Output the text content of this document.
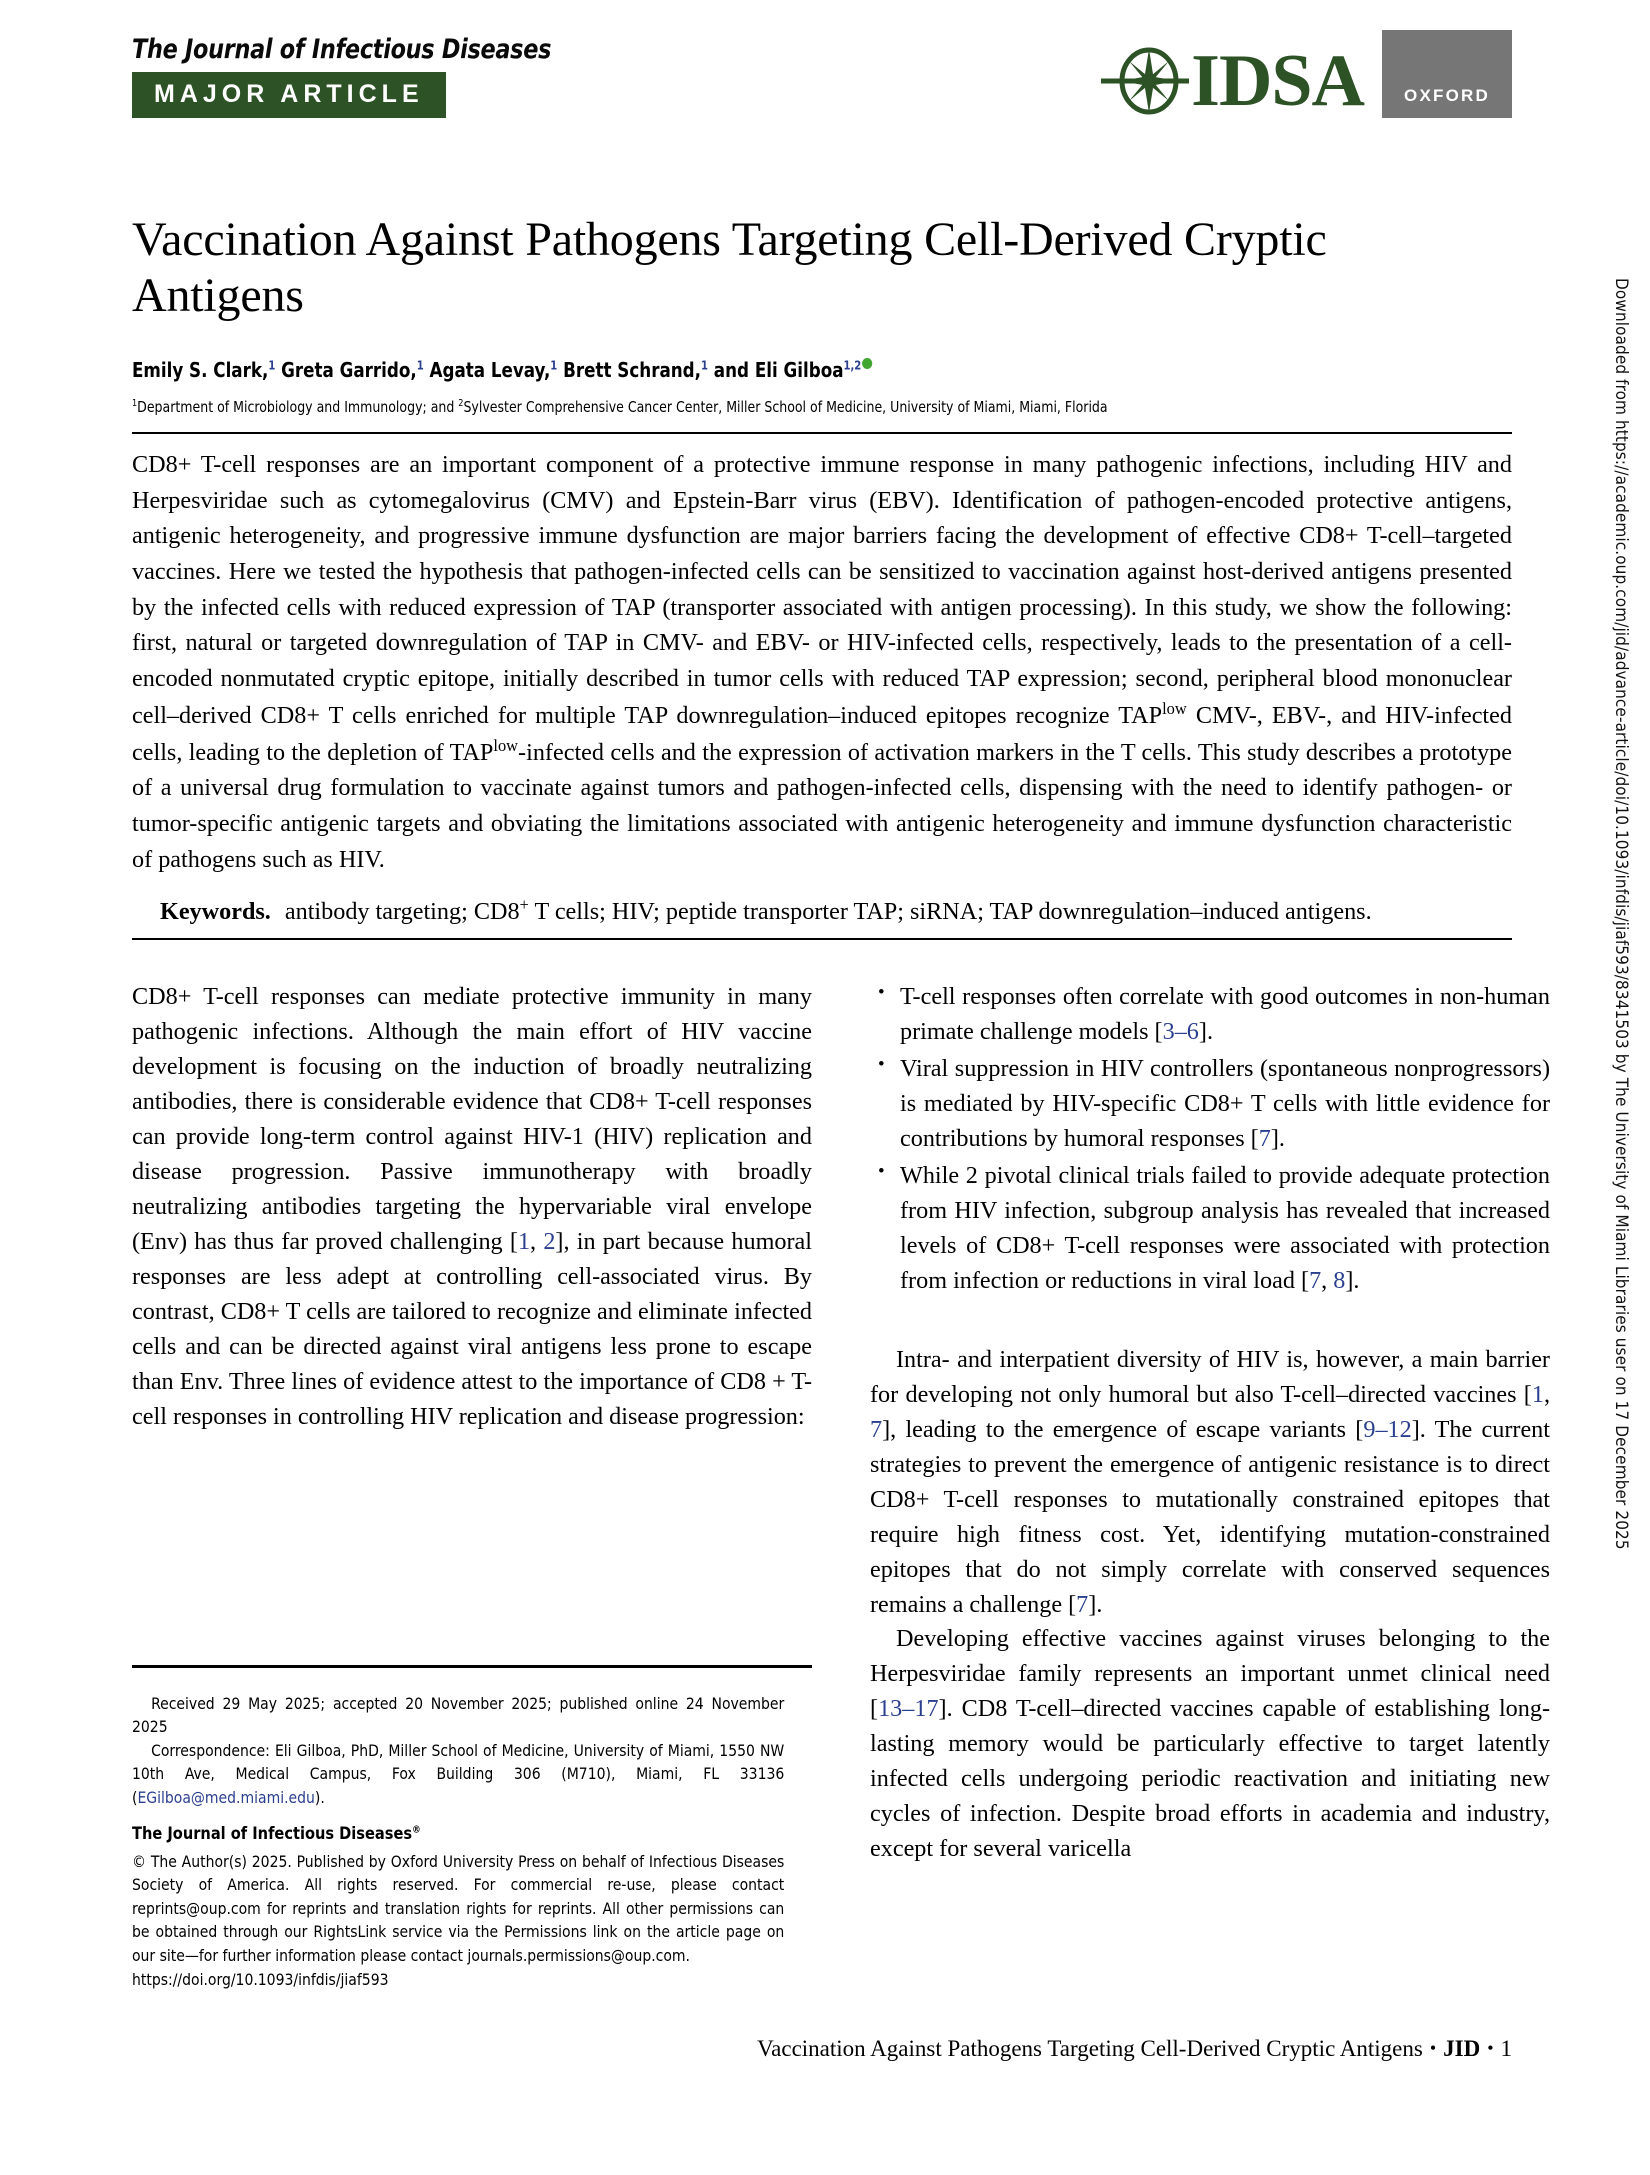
The Journal of Infectious Diseases
MAJOR ARTICLE	IDSA	OXFORD
Vaccination Against Pathogens Targeting Cell-Derived Cryptic Antigens
Emily S. Clark,$^1$ Greta Garrido,$^1$ Agata Levay,$^1$ Brett Schrand,$^1$ and Eli Gilboa$^{1,2}$
$^1$Department of Microbiology and Immunology; and $^2$Sylvester Comprehensive Cancer Center, Miller School of Medicine, University of Miami, Miami, Florida
CD8+ T-cell responses are an important component of a protective immune response in many pathogenic infections, including HIV and Herpesviridae such as cytomegalovirus (CMV) and Epstein-Barr virus (EBV). Identification of pathogen-encoded protective antigens, antigenic heterogeneity, and progressive immune dysfunction are major barriers facing the development of effective CD8+ T-cell–targeted vaccines. Here we tested the hypothesis that pathogen-infected cells can be sensitized to vaccination against host-derived antigens presented by the infected cells with reduced expression of TAP (transporter associated with antigen processing). In this study, we show the following: first, natural or targeted downregulation of TAP in CMV- and EBV- or HIV-infected cells, respectively, leads to the presentation of a cell-encoded nonmutated cryptic epitope, initially described in tumor cells with reduced TAP expression; second, peripheral blood mononuclear cell–derived CD8+ T cells enriched for multiple TAP downregulation–induced epitopes recognize $TAP^{low}$ CMV-, EBV-, and HIV-infected cells, leading to the depletion of $TAP^{low}$-infected cells and the expression of activation markers in the T cells. This study describes a prototype of a universal drug formulation to vaccinate against tumors and pathogen-infected cells, dispensing with the need to identify pathogen- or tumor-specific antigenic targets and obviating the limitations associated with antigenic heterogeneity and immune dysfunction characteristic of pathogens such as HIV.
Keywords. antibody targeting; CD8+ T cells; HIV; peptide transporter TAP; siRNA; TAP downregulation–induced antigens.

CD8+ T-cell responses can mediate protective immunity in many pathogenic infections. Although the main effort of HIV vaccine development is focusing on the induction of broadly neutralizing antibodies, there is considerable evidence that CD8+ T-cell responses can provide long-term control against HIV-1 (HIV) replication and disease progression. Passive immunotherapy with broadly neutralizing antibodies targeting the hypervariable viral envelope (Env) has thus far proved challenging [1, 2], in part because humoral responses are less adept at controlling cell-associated virus. By contrast, CD8+ T cells are tailored to recognize and eliminate infected cells and can be directed against viral antigens less prone to escape than Env. Three lines of evidence attest to the importance of CD8 + T-cell responses in controlling HIV replication and disease progression:

• T-cell responses often correlate with good outcomes in non-human primate challenge models [3–6].
• Viral suppression in HIV controllers (spontaneous nonprogressors) is mediated by HIV-specific CD8+ T cells with little evidence for contributions by humoral responses [7].
• While 2 pivotal clinical trials failed to provide adequate protection from HIV infection, subgroup analysis has revealed that increased levels of CD8+ T-cell responses were associated with protection from infection or reductions in viral load [7, 8].

Intra- and interpatient diversity of HIV is, however, a main barrier for developing not only humoral but also T-cell–directed vaccines [1, 7], leading to the emergence of escape variants [9–12]. The current strategies to prevent the emergence of antigenic resistance is to direct CD8+ T-cell responses to mutationally constrained epitopes that require high fitness cost. Yet, identifying mutation-constrained epitopes that do not simply correlate with conserved sequences remains a challenge [7].

Developing effective vaccines against viruses belonging to the Herpesviridae family represents an important unmet clinical need [13–17]. CD8 T-cell–directed vaccines capable of establishing long-lasting memory would be particularly effective to target latently infected cells undergoing periodic reactivation and initiating new cycles of infection. Despite broad efforts in academia and industry, except for several varicella

Received 29 May 2025; accepted 20 November 2025; published online 24 November 2025
Correspondence: Eli Gilboa, PhD, Miller School of Medicine, University of Miami, 1550 NW 10th Ave, Medical Campus, Fox Building 306 (M710), Miami, FL 33136 (EGilboa@med.miami.edu).
The Journal of Infectious Diseases®
© The Author(s) 2025. Published by Oxford University Press on behalf of Infectious Diseases Society of America. All rights reserved. For commercial re-use, please contact reprints@oup.com for reprints and translation rights for reprints. All other permissions can be obtained through our RightsLink service via the Permissions link on the article page on our site—for further information please contact journals.permissions@oup.com.
https://doi.org/10.1093/infdis/jiaf593
Downloaded from https://academic.oup.com/jid/advance-article/doi/10.1093/infdis/jiaf593/8341503 by The University of Miami Libraries user on 17 December 2025
Vaccination Against Pathogens Targeting Cell-Derived Cryptic Antigens • JID • 1
